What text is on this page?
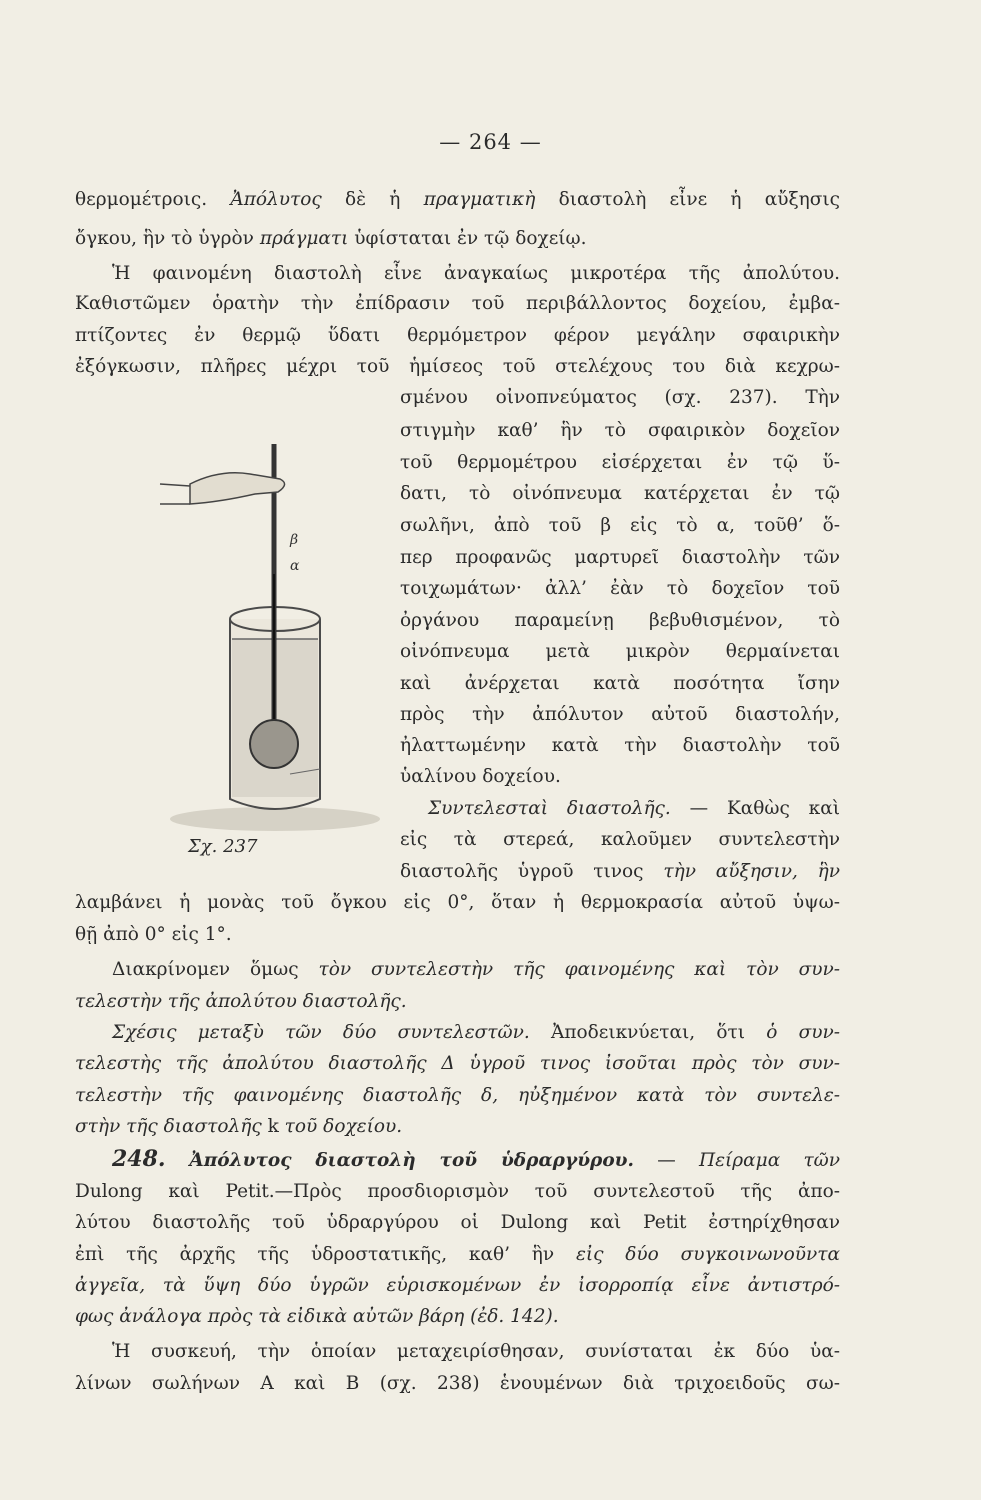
— 264 —
θερμομέτροις. Ἀπόλυτος δὲ ἡ πραγματικὴ διαστολὴ εἶνε ἡ αὔξησις
ὄγκου, ἣν τὸ ὑγρὸν πράγματι ὑφίσταται ἐν τῷ δοχείῳ.
Ἡ φαινομένη διαστολὴ εἶνε ἀναγκαίως μικροτέρα τῆς ἀπολύτου.
Καθιστῶμεν ὁρατὴν τὴν ἐπίδρασιν τοῦ περιβάλλοντος δοχείου, ἐμβα-
πτίζοντες ἐν θερμῷ ὕδατι θερμόμετρον φέρον μεγάλην σφαιρικὴν
ἐξόγκωσιν, πλῆρες μέχρι τοῦ ἡμίσεος τοῦ στελέχους του διὰ κεχρω-
σμένου οἰνοπνεύματος (σχ. 237). Τὴν
στιγμὴν καθ’ ἣν τὸ σφαιρικὸν δοχεῖον
τοῦ θερμομέτρου εἰσέρχεται ἐν τῷ ὕ-
δατι, τὸ οἰνόπνευμα κατέρχεται ἐν τῷ
σωλῆνι, ἀπὸ τοῦ β εἰς τὸ α, τοῦθ’ ὅ-
περ προφανῶς μαρτυρεῖ διαστολὴν τῶν
τοιχωμάτων· ἀλλ’ ἐὰν τὸ δοχεῖον τοῦ
ὀργάνου παραμείνῃ βεβυθισμένον, τὸ
οἰνόπνευμα μετὰ μικρὸν θερμαίνεται
καὶ ἀνέρχεται κατὰ ποσότητα ἴσην
πρὸς τὴν ἀπόλυτον αὐτοῦ διαστολήν,
ἠλαττωμένην κατὰ τὴν διαστολὴν τοῦ
ὑαλίνου δοχείου.
Συντελεσταὶ διαστολῆς. — Καθὼς καὶ
εἰς τὰ στερεά, καλοῦμεν συντελεστὴν
διαστολῆς ὑγροῦ τινος τὴν αὔξησιν, ἣν
β
α
Σχ. 237
λαμβάνει ἡ μονὰς τοῦ ὄγκου εἰς 0°, ὅταν ἡ θερμοκρασία αὐτοῦ ὑψω-
θῇ ἀπὸ 0° εἰς 1°.
Διακρίνομεν ὅμως τὸν συντελεστὴν τῆς φαινομένης καὶ τὸν συν-
τελεστὴν τῆς ἀπολύτου διαστολῆς.
Σχέσις μεταξὺ τῶν δύο συντελεστῶν. Ἀποδεικνύεται, ὅτι ὁ συν-
τελεστὴς τῆς ἀπολύτου διαστολῆς Δ ὑγροῦ τινος ἰσοῦται πρὸς τὸν συν-
τελεστὴν τῆς φαινομένης διαστολῆς δ, ηὐξημένον κατὰ τὸν συντελε-
στὴν τῆς διαστολῆς k τοῦ δοχείου.
248. Ἀπόλυτος διαστολὴ τοῦ ὑδραργύρου. — Πείραμα τῶν
Dulong καὶ Petit.—Πρὸς προσδιορισμὸν τοῦ συντελεστοῦ τῆς ἀπο-
λύτου διαστολῆς τοῦ ὑδραργύρου οἱ Dulong καὶ Petit ἐστηρίχθησαν
ἐπὶ τῆς ἀρχῆς τῆς ὑδροστατικῆς, καθ’ ἣν εἰς δύο συγκοινωνοῦντα
ἀγγεῖα, τὰ ὕψη δύο ὑγρῶν εὑρισκομένων ἐν ἰσορροπίᾳ εἶνε ἀντιστρό-
φως ἀνάλογα πρὸς τὰ εἰδικὰ αὐτῶν βάρη (ἐδ. 142).
Ἡ συσκευή, τὴν ὁποίαν μεταχειρίσθησαν, συνίσταται ἐκ δύο ὑα-
λίνων σωλήνων Α καὶ Β (σχ. 238) ἑνουμένων διὰ τριχοειδοῦς σω-
